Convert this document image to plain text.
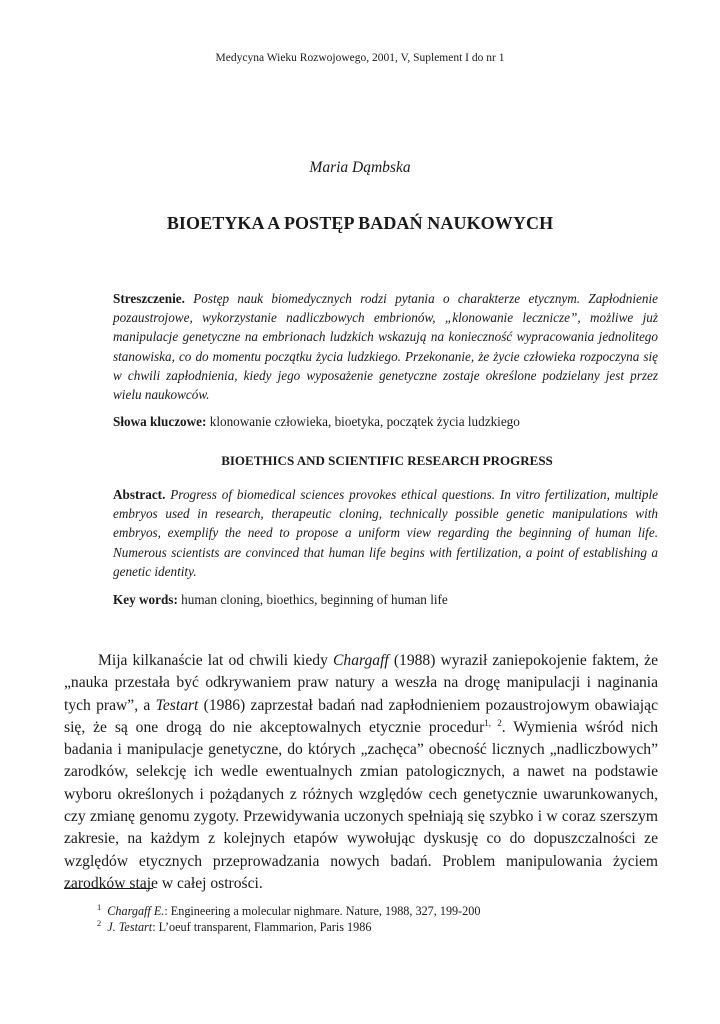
Medycyna Wieku Rozwojowego, 2001, V, Suplement I do nr 1
Maria Dąmbska
BIOETYKA A POSTĘP BADAŃ NAUKOWYCH
Streszczenie. Postęp nauk biomedycznych rodzi pytania o charakterze etycznym. Zapłodnienie pozaustrojowe, wykorzystanie nadliczbowych embrionów, „klonowanie lecznicze”, możliwe już manipulacje genetyczne na embrionach ludzkich wskazują na konieczność wypracowania jednolitego stanowiska, co do momentu początku życia ludzkiego. Przekonanie, że życie człowieka rozpoczyna się w chwili zapłodnienia, kiedy jego wyposażenie genetyczne zostaje określone podzielany jest przez wielu naukowców.
Słowa kluczowe: klonowanie człowieka, bioetyka, początek życia ludzkiego
BIOETHICS AND SCIENTIFIC RESEARCH PROGRESS
Abstract. Progress of biomedical sciences provokes ethical questions. In vitro fertilization, multiple embryos used in research, therapeutic cloning, technically possible genetic manipulations with embryos, exemplify the need to propose a uniform view regarding the beginning of human life. Numerous scientists are convinced that human life begins with fertilization, a point of establishing a genetic identity.
Key words: human cloning, bioethics, beginning of human life

Mija kilkanaście lat od chwili kiedy Chargaff (1988) wyraził zaniepokojenie faktem, że „nauka przestała być odkrywaniem praw natury a weszła na drogę manipulacji i naginania tych praw”, a Testart (1986) zaprzestał badań nad zapłodnieniem pozaustrojowym obawiając się, że są one drogą do nie akceptowalnych etycznie procedur$^{1, 2}$. Wymienia wśród nich badania i manipulacje genetyczne, do których „zachęca” obecność licznych „nadliczbowych” zarodków, selekcję ich wedle ewentualnych zmian patologicznych, a nawet na podstawie wyboru określonych i pożądanych z różnych względów cech genetycznie uwarunkowanych, czy zmianę genomu zygoty. Przewidywania uczonych spełniają się szybko i w coraz szerszym zakresie, na każdym z kolejnych etapów wywołując dyskusję co do dopuszczalności ze względów etycznych przeprowadzania nowych badań. Problem manipulowania życiem zarodków staje w całej ostrości.

$^1$ Chargaff E.: Engineering a molecular nighmare. Nature, 1988, 327, 199-200
$^2$ J. Testart: L’oeuf transparent, Flammarion, Paris 1986
